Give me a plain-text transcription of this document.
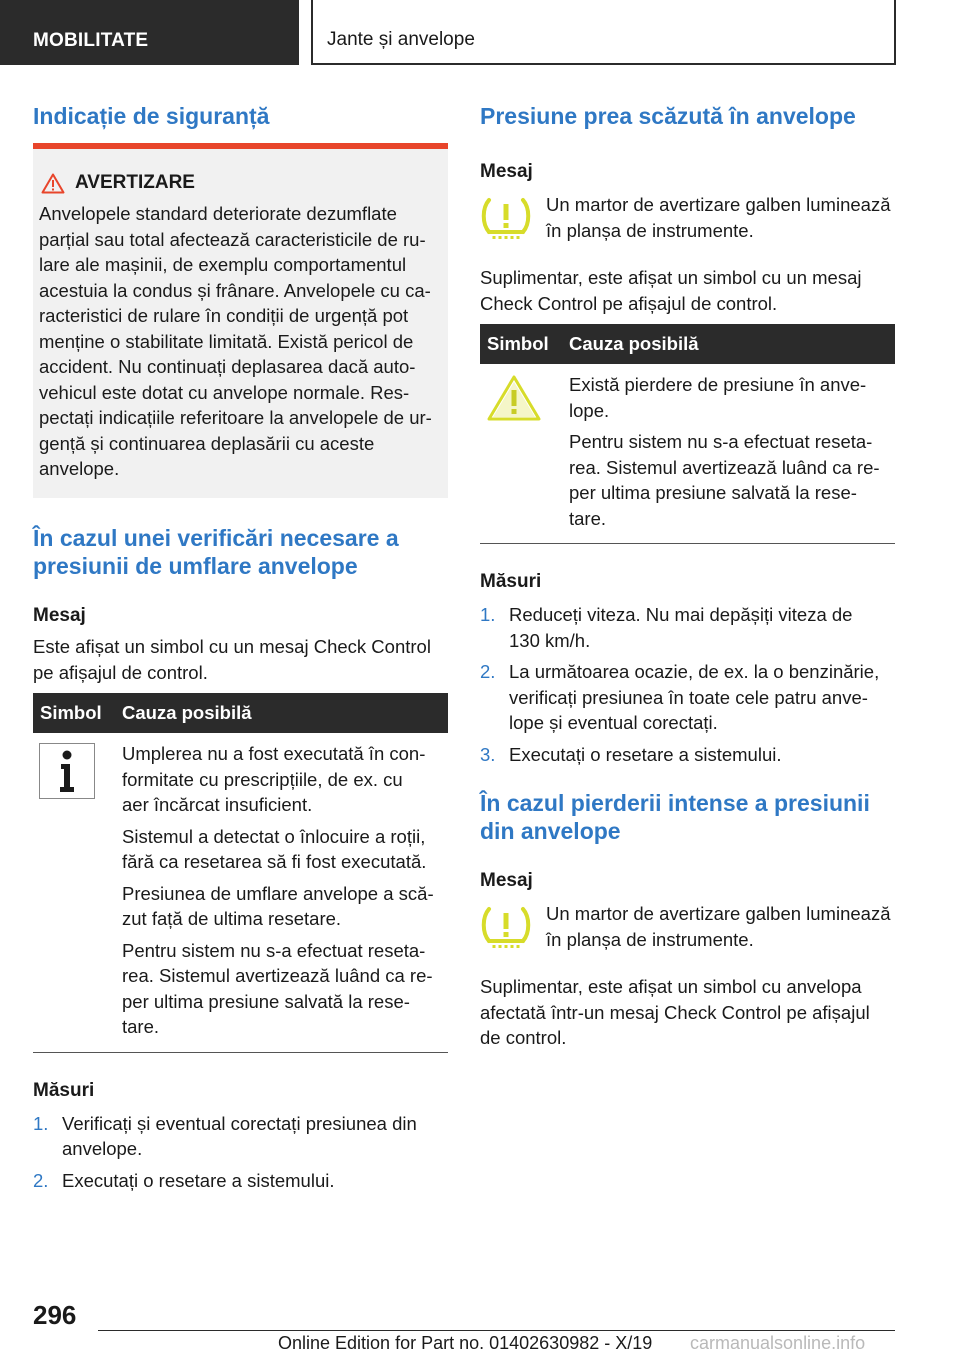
MOBILITATE	Jante și anvelope
Indicație de siguranță
AVERTIZARE
Anvelopele standard deteriorate dezumflate
parțial sau total afectează caracteristicile de ru-
lare ale mașinii, de exemplu comportamentul
acestuia la condus și frânare. Anvelopele cu ca-
racteristici de rulare în condiții de urgență pot
menține o stabilitate limitată. Există pericol de
accident. Nu continuați deplasarea dacă auto-
vehicul este dotat cu anvelope normale. Res-
pectați indicațiile referitoare la anvelopele de ur-
gență și continuarea deplasării cu aceste
anvelope.
În cazul unei verificări necesare a
presiunii de umflare anvelope
Mesaj
Este afișat un simbol cu un mesaj Check Control
pe afișajul de control.
Simbol	Cauza posibilă
Umplerea nu a fost executată în con-
formitate cu prescripțiile, de ex. cu
aer încărcat insuficient.
Sistemul a detectat o înlocuire a roții,
fără ca resetarea să fi fost executată.
Presiunea de umflare anvelope a scă-
zut față de ultima resetare.
Pentru sistem nu s-a efectuat reseta-
rea. Sistemul avertizează luând ca re-
per ultima presiune salvată la rese-
tare.
Măsuri
1. Verificați și eventual corectați presiunea din
anvelope.
2. Executați o resetare a sistemului.
Presiune prea scăzută în anvelope
Mesaj
Un martor de avertizare galben luminează
în planșa de instrumente.
Suplimentar, este afișat un simbol cu un mesaj
Check Control pe afișajul de control.
Simbol	Cauza posibilă
Există pierdere de presiune în anve-
lope.
Pentru sistem nu s-a efectuat reseta-
rea. Sistemul avertizează luând ca re-
per ultima presiune salvată la rese-
tare.
Măsuri
1. Reduceți viteza. Nu mai depășiți viteza de
130 km/h.
2. La următoarea ocazie, de ex. la o benzinărie,
verificați presiunea în toate cele patru anve-
lope și eventual corectați.
3. Executați o resetare a sistemului.
În cazul pierderii intense a presiunii
din anvelope
Mesaj
Un martor de avertizare galben luminează
în planșa de instrumente.
Suplimentar, este afișat un simbol cu anvelopa
afectată într-un mesaj Check Control pe afișajul
de control.
296
Online Edition for Part no. 01402630982 - X/19 carmanualsonline.info
